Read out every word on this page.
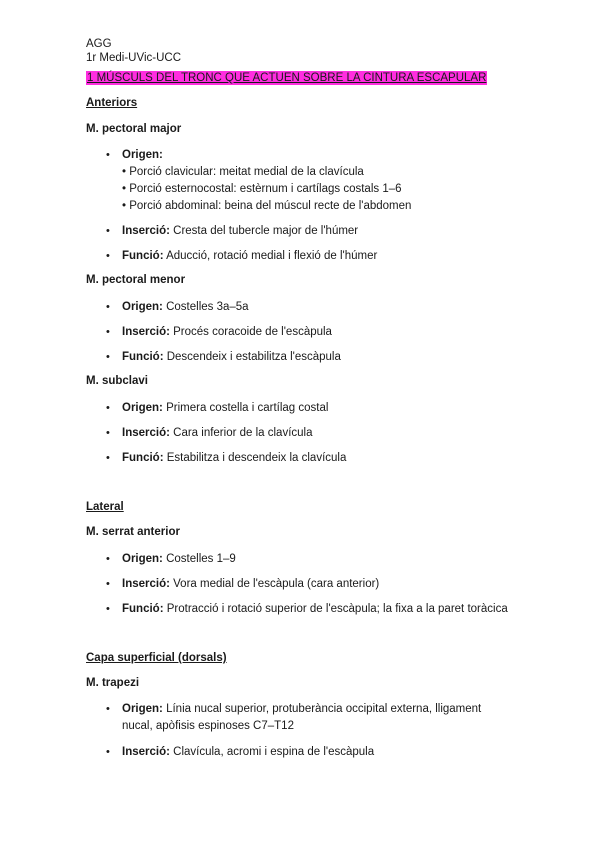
AGG
1r Medi-UVic-UCC
1 MÚSCULS DEL TRONC QUE ACTUEN SOBRE LA CINTURA ESCAPULAR
Anteriors
M. pectoral major
• Origen:
• Porció clavicular: meitat medial de la clavícula
• Porció esternocostal: estèrnum i cartílags costals 1–6
• Porció abdominal: beina del múscul recte de l'abdomen
• Inserció: Cresta del tubercle major de l'húmer
• Funció: Aducció, rotació medial i flexió de l'húmer
M. pectoral menor
• Origen: Costelles 3a–5a
• Inserció: Procés coracoide de l'escàpula
• Funció: Descendeix i estabilitza l'escàpula
M. subclavi
• Origen: Primera costella i cartílag costal
• Inserció: Cara inferior de la clavícula
• Funció: Estabilitza i descendeix la clavícula
Lateral
M. serrat anterior
• Origen: Costelles 1–9
• Inserció: Vora medial de l'escàpula (cara anterior)
• Funció: Protracció i rotació superior de l'escàpula; la fixa a la paret toràcica
Capa superficial (dorsals)
M. trapezi
• Origen: Línia nucal superior, protuberància occipital externa, lligament nucal, apòfisis espinoses C7–T12
• Inserció: Clavícula, acromi i espina de l'escàpula
